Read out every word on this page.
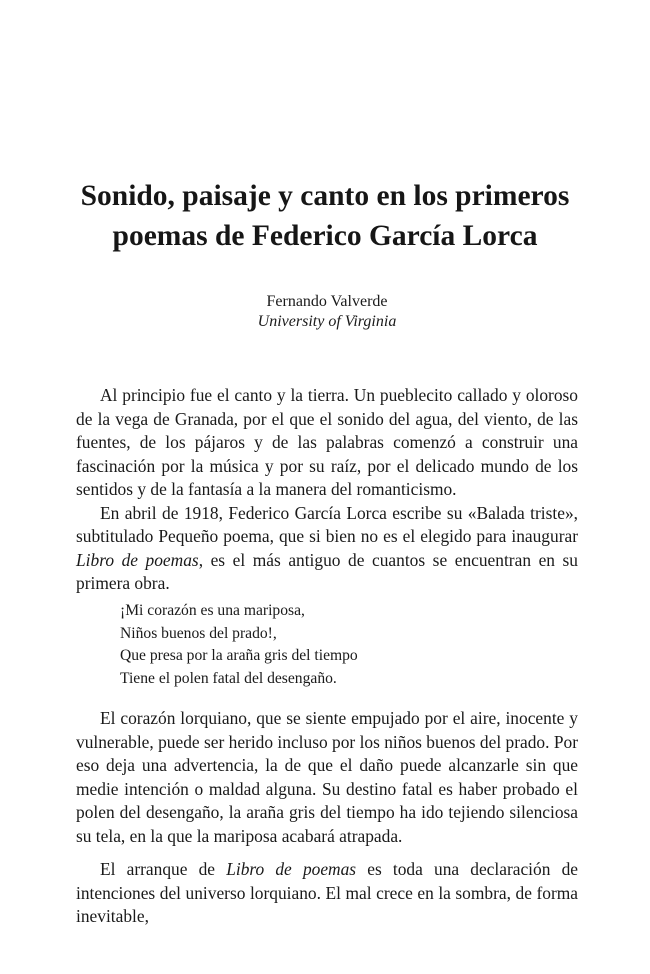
Sonido, paisaje y canto en los primeros
poemas de Federico García Lorca
Fernando Valverde
University of Virginia

Al principio fue el canto y la tierra. Un pueblecito callado y oloroso de la vega de Granada, por el que el sonido del agua, del viento, de las fuentes, de los pájaros y de las palabras comenzó a construir una fascinación por la música y por su raíz, por el delicado mundo de los sentidos y de la fantasía a la manera del romanticismo.

En abril de 1918, Federico García Lorca escribe su «Balada triste», subtitulado Pequeño poema, que si bien no es el elegido para inaugurar Libro de poemas, es el más antiguo de cuantos se encuentran en su primera obra.

¡Mi corazón es una mariposa,
Niños buenos del prado!,
Que presa por la araña gris del tiempo
Tiene el polen fatal del desengaño.

El corazón lorquiano, que se siente empujado por el aire, inocente y vulnerable, puede ser herido incluso por los niños buenos del prado. Por eso deja una advertencia, la de que el daño puede alcanzarle sin que medie intención o maldad alguna. Su destino fatal es haber probado el polen del desengaño, la araña gris del tiempo ha ido tejiendo silenciosa su tela, en la que la mariposa acabará atrapada.

El arranque de Libro de poemas es toda una declaración de intenciones del universo lorquiano. El mal crece en la sombra, de forma inevitable,
